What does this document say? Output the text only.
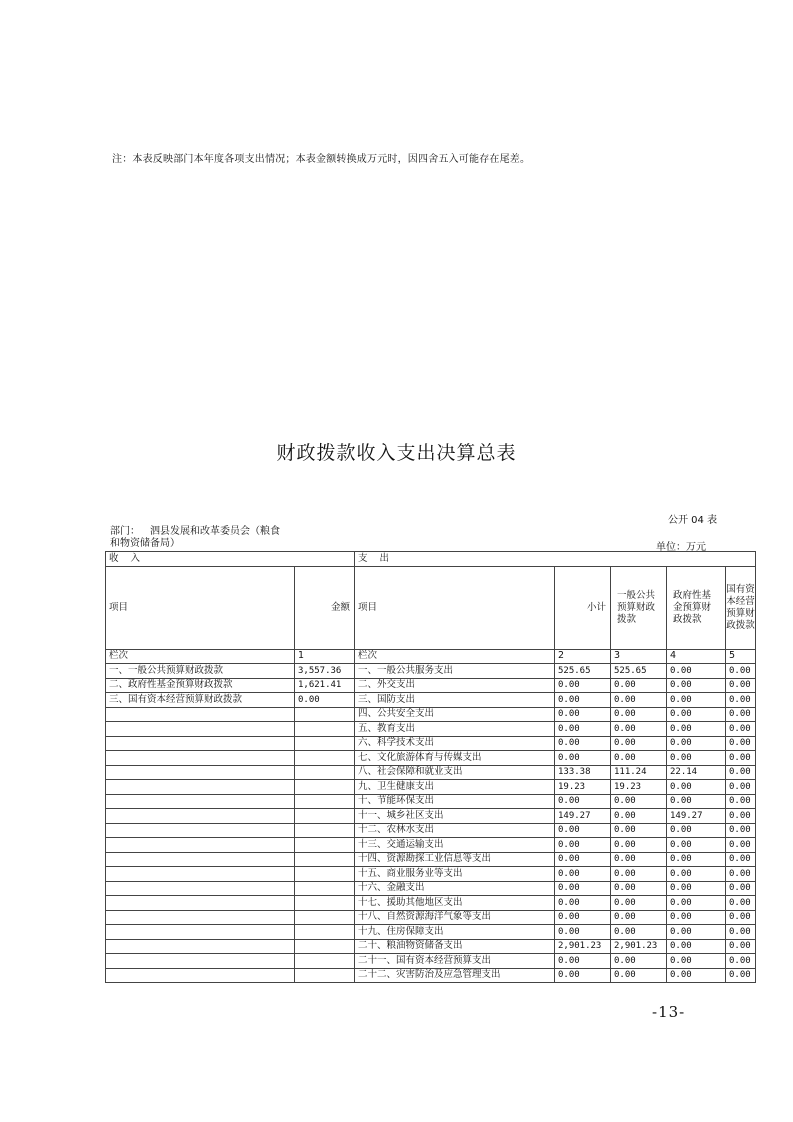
注：本表反映部门本年度各项支出情况；本表金额转换成万元时，因四舍五入可能存在尾差。
财政拨款收入支出决算总表
公开 04 表
部门： 泗县发展和改革委员会（粮食
和物资储备局）	单位：万元
收入		支出				
项目	金额	项目	小计	一般公共预算财政拨款	政府性基金预算财政拨款	国有资本经营预算财政拨款
栏次	1	栏次	2	3	4	5
一、一般公共预算财政拨款	3,557.36	一、一般公共服务支出	525.65	525.65	0.00	0.00
二、政府性基金预算财政拨款	1,621.41	二、外交支出	0.00	0.00	0.00	0.00
三、国有资本经营预算财政拨款	0.00	三、国防支出	0.00	0.00	0.00	0.00
		四、公共安全支出	0.00	0.00	0.00	0.00
		五、教育支出	0.00	0.00	0.00	0.00
		六、科学技术支出	0.00	0.00	0.00	0.00
		七、文化旅游体育与传媒支出	0.00	0.00	0.00	0.00
		八、社会保障和就业支出	133.38	111.24	22.14	0.00
		九、卫生健康支出	19.23	19.23	0.00	0.00
		十、节能环保支出	0.00	0.00	0.00	0.00
		十一、城乡社区支出	149.27	0.00	149.27	0.00
		十二、农林水支出	0.00	0.00	0.00	0.00
		十三、交通运输支出	0.00	0.00	0.00	0.00
		十四、资源勘探工业信息等支出	0.00	0.00	0.00	0.00
		十五、商业服务业等支出	0.00	0.00	0.00	0.00
		十六、金融支出	0.00	0.00	0.00	0.00
		十七、援助其他地区支出	0.00	0.00	0.00	0.00
		十八、自然资源海洋气象等支出	0.00	0.00	0.00	0.00
		十九、住房保障支出	0.00	0.00	0.00	0.00
		二十、粮油物资储备支出	2,901.23	2,901.23	0.00	0.00
		二十一、国有资本经营预算支出	0.00	0.00	0.00	0.00
		二十二、灾害防治及应急管理支出	0.00	0.00	0.00	0.00
-13-
